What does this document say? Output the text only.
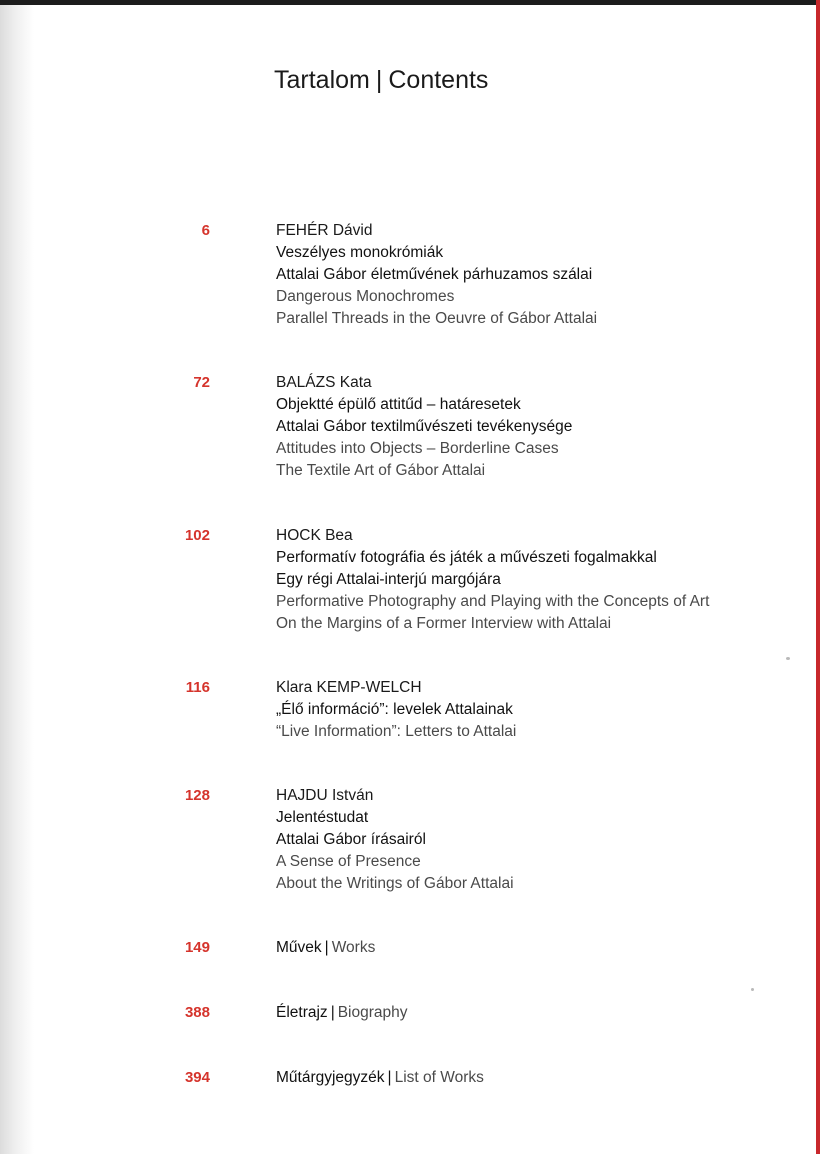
Tartalom | Contents
6	FEHÉR Dávid
Veszélyes monokrómiák
Attalai Gábor életművének párhuzamos szálai
Dangerous Monochromes
Parallel Threads in the Oeuvre of Gábor Attalai
72	BALÁZS Kata
Objektté épülő attitűd – határesetek
Attalai Gábor textilművészeti tevékenysége
Attitudes into Objects – Borderline Cases
The Textile Art of Gábor Attalai
102	HOCK Bea
Performatív fotográfia és játék a művészeti fogalmakkal
Egy régi Attalai-interjú margójára
Performative Photography and Playing with the Concepts of Art
On the Margins of a Former Interview with Attalai
116	Klara KEMP-WELCH
„Élő információ”: levelek Attalainak
“Live Information”: Letters to Attalai
128	HAJDU István
Jelentéstudat
Attalai Gábor írásairól
A Sense of Presence
About the Writings of Gábor Attalai
149	Művek | Works
388	Életrajz | Biography
394	Műtárgyjegyzék | List of Works
